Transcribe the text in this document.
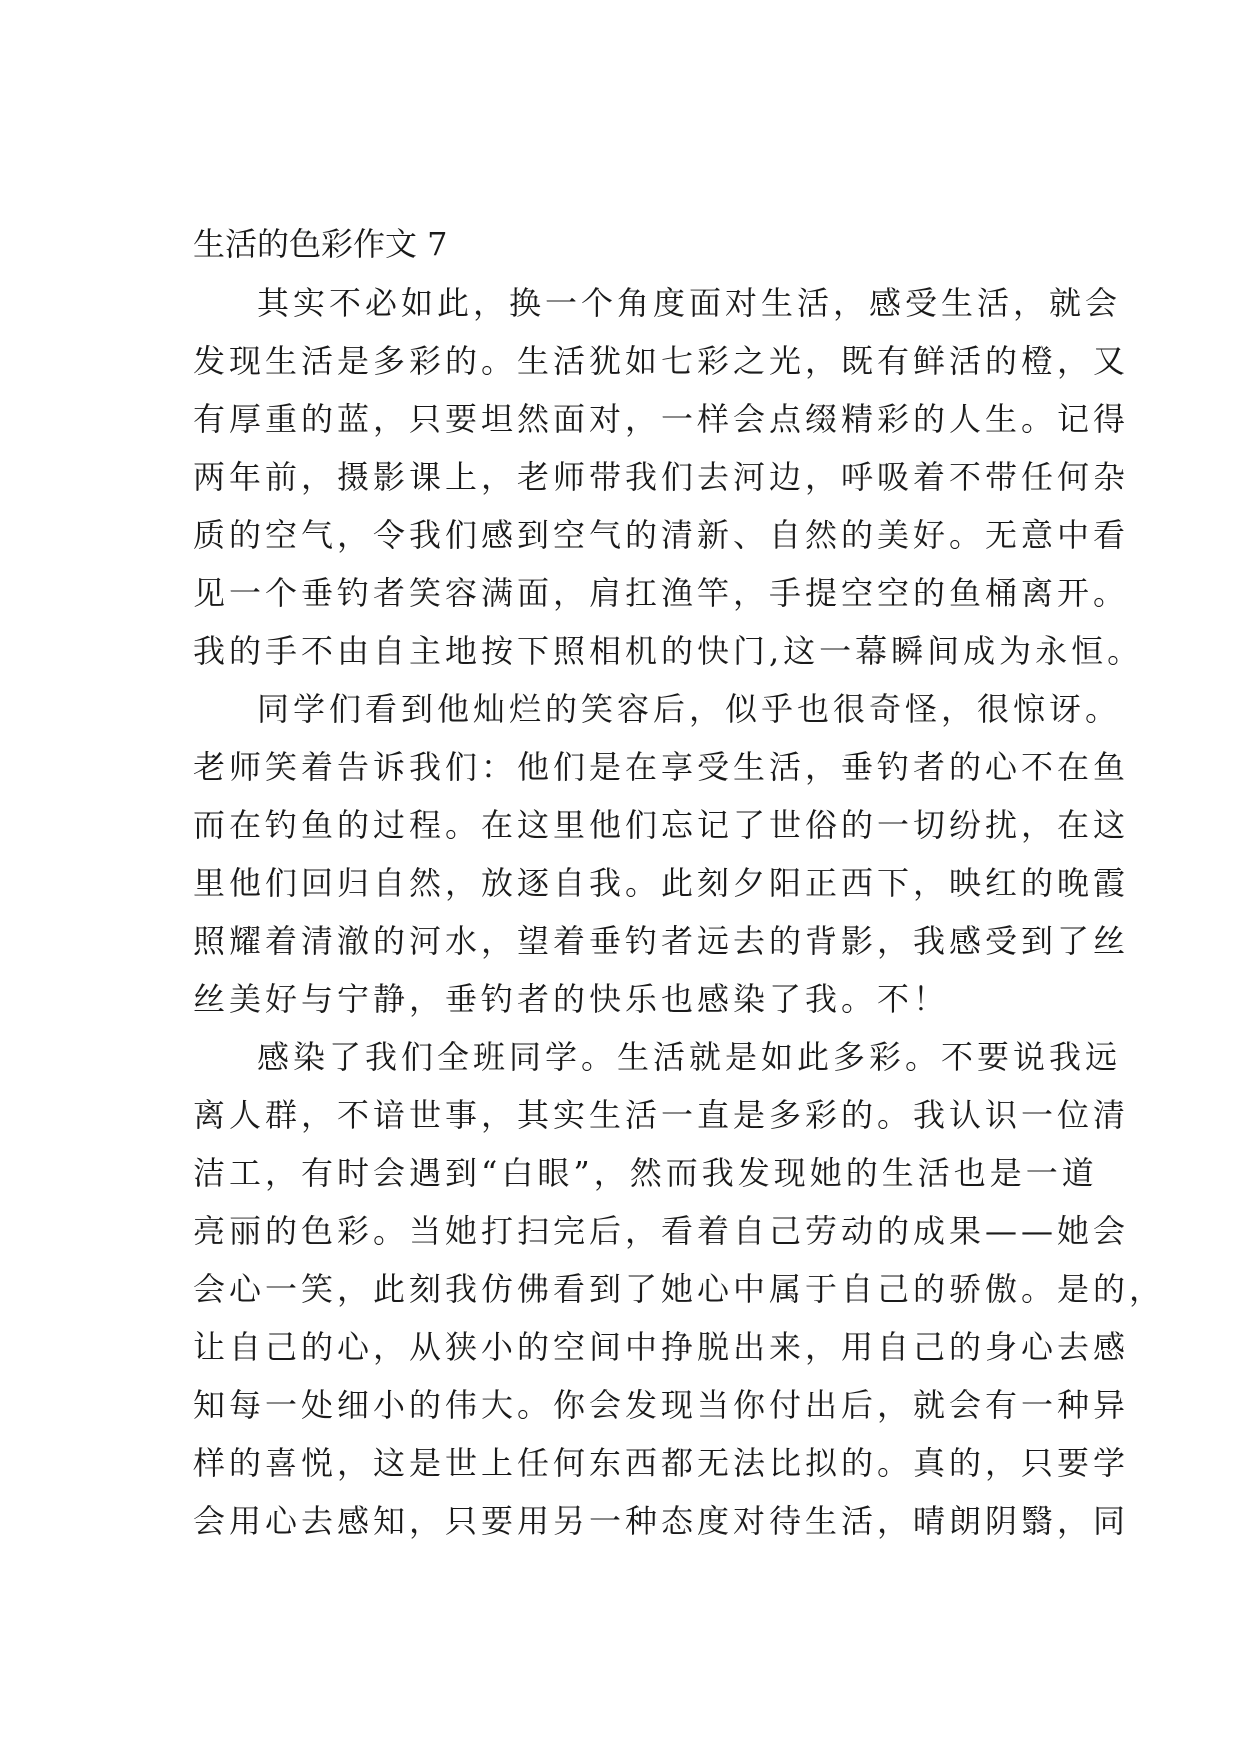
生活的色彩作文 7
其实不必如此，换一个角度面对生活，感受生活，就会
发现生活是多彩的。生活犹如七彩之光，既有鲜活的橙，又
有厚重的蓝，只要坦然面对，一样会点缀精彩的人生。记得
两年前，摄影课上，老师带我们去河边，呼吸着不带任何杂
质的空气，令我们感到空气的清新、自然的美好。无意中看
见一个垂钓者笑容满面，肩扛渔竿，手提空空的鱼桶离开。
我的手不由自主地按下照相机的快门,这一幕瞬间成为永恒。
同学们看到他灿烂的笑容后，似乎也很奇怪，很惊讶。
老师笑着告诉我们：他们是在享受生活，垂钓者的心不在鱼
而在钓鱼的过程。在这里他们忘记了世俗的一切纷扰，在这
里他们回归自然，放逐自我。此刻夕阳正西下，映红的晚霞
照耀着清澈的河水，望着垂钓者远去的背影，我感受到了丝
丝美好与宁静，垂钓者的快乐也感染了我。不！
感染了我们全班同学。生活就是如此多彩。不要说我远
离人群，不谙世事，其实生活一直是多彩的。我认识一位清
洁工，有时会遇到“白眼”，然而我发现她的生活也是一道
亮丽的色彩。当她打扫完后，看着自己劳动的成果——她会
会心一笑，此刻我仿佛看到了她心中属于自己的骄傲。是的，
让自己的心，从狭小的空间中挣脱出来，用自己的身心去感
知每一处细小的伟大。你会发现当你付出后，就会有一种异
样的喜悦，这是世上任何东西都无法比拟的。真的，只要学
会用心去感知，只要用另一种态度对待生活，晴朗阴翳，同
